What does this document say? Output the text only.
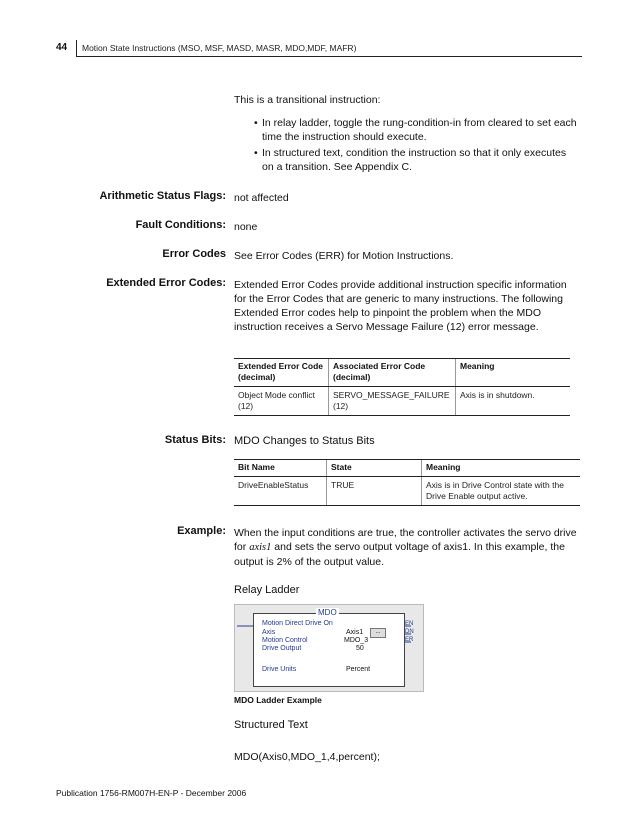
44 Motion State Instructions (MSO, MSF, MASD, MASR, MDO,MDF, MAFR)
This is a transitional instruction:
• In relay ladder, toggle the rung-condition-in from cleared to set each time the instruction should execute.
• In structured text, condition the instruction so that it only executes on a transition. See Appendix C.
Arithmetic Status Flags: not affected
Fault Conditions: none
Error Codes See Error Codes (ERR) for Motion Instructions.
Extended Error Codes: Extended Error Codes provide additional instruction specific information for the Error Codes that are generic to many instructions. The following Extended Error codes help to pinpoint the problem when the MDO instruction receives a Servo Message Failure (12) error message.
Extended Error Code (decimal)	Associated Error Code (decimal)	Meaning
Object Mode conflict (12)	SERVO_MESSAGE_FAILURE (12)	Axis is in shutdown.
Status Bits: MDO Changes to Status Bits
Bit Name	State	Meaning
DriveEnableStatus	TRUE	Axis is in Drive Control state with the Drive Enable output active.
Example: When the input conditions are true, the controller activates the servo drive for axis1 and sets the servo output voltage of axis1. In this example, the output is 2% of the output value.
Relay Ladder
MDO
Motion Direct Drive On
Axis	Axis1	...
Motion Control	MDO_3
Drive Output	50
Drive Units	Percent
EN
DN
ER
MDO Ladder Example
Structured Text
MDO(Axis0,MDO_1,4,percent);
Publication 1756-RM007H-EN-P - December 2006
